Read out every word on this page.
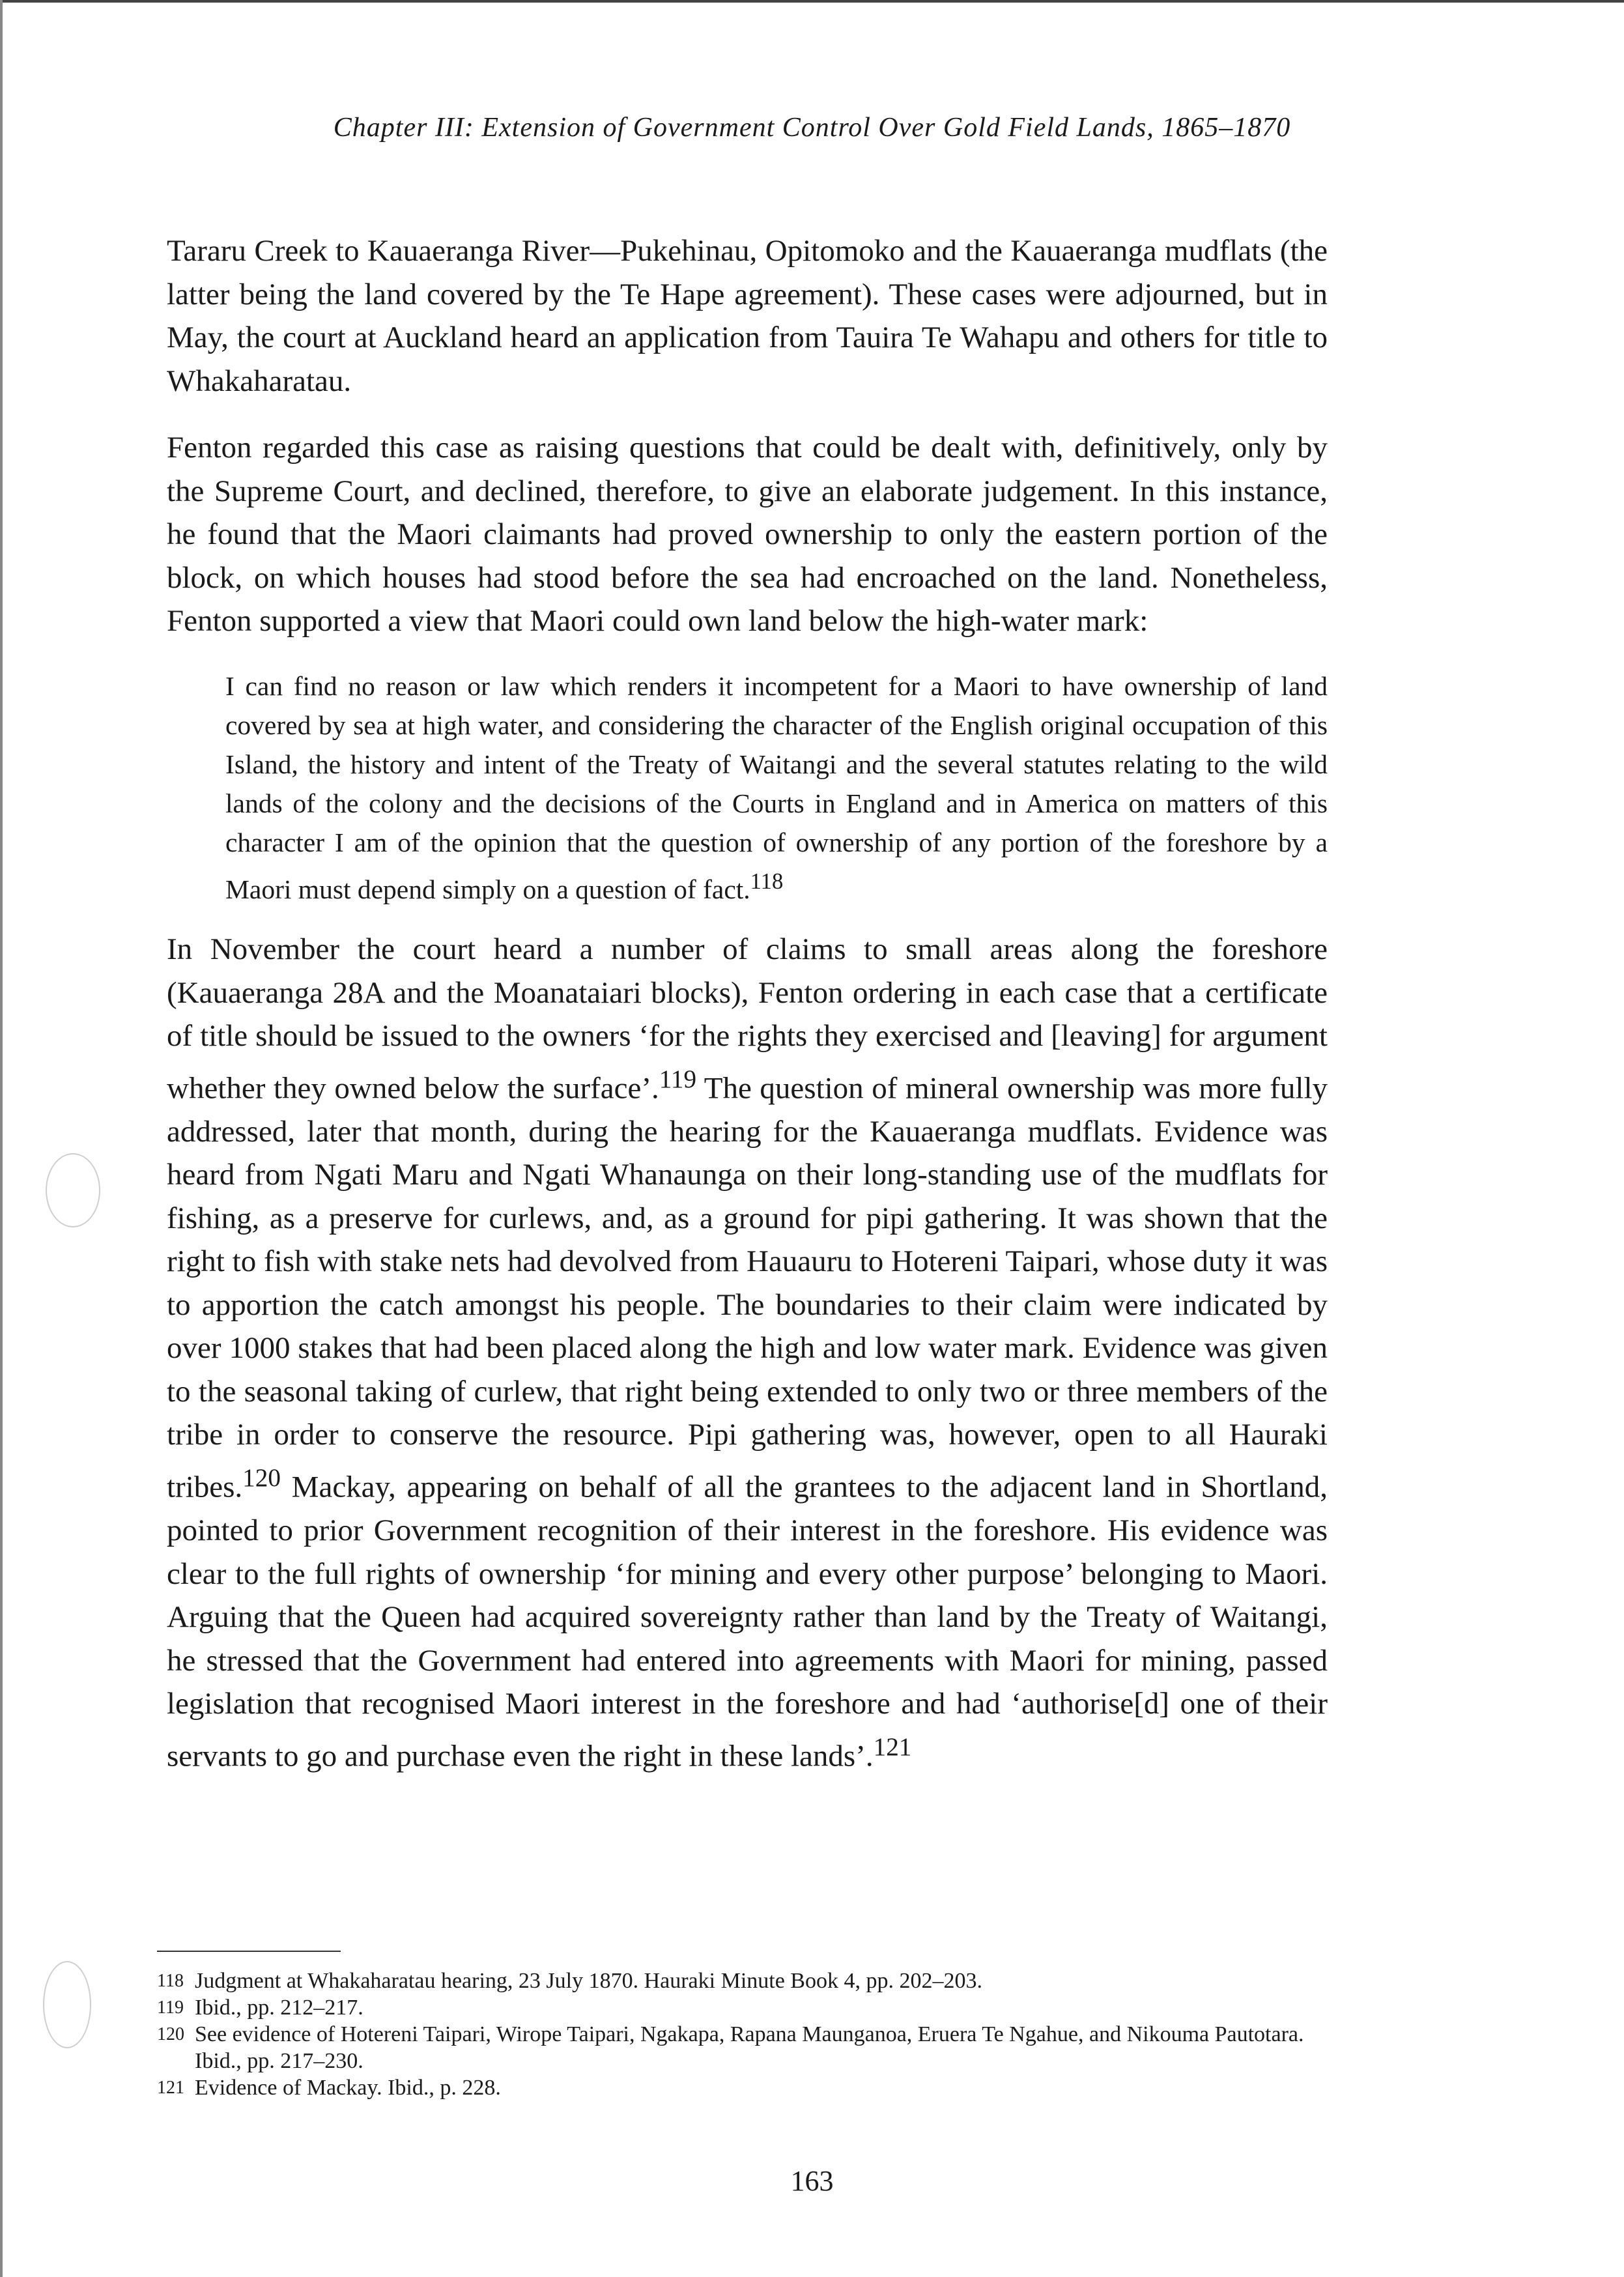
Chapter III: Extension of Government Control Over Gold Field Lands, 1865–1870

Tararu Creek to Kauaeranga River—Pukehinau, Opitomoko and the Kauaeranga mudflats (the latter being the land covered by the Te Hape agreement). These cases were adjourned, but in May, the court at Auckland heard an application from Tauira Te Wahapu and others for title to Whakaharatau.

Fenton regarded this case as raising questions that could be dealt with, definitively, only by the Supreme Court, and declined, therefore, to give an elaborate judgement. In this instance, he found that the Maori claimants had proved ownership to only the eastern portion of the block, on which houses had stood before the sea had encroached on the land. Nonetheless, Fenton supported a view that Maori could own land below the high-water mark:

I can find no reason or law which renders it incompetent for a Maori to have ownership of land covered by sea at high water, and considering the character of the English original occupation of this Island, the history and intent of the Treaty of Waitangi and the several statutes relating to the wild lands of the colony and the decisions of the Courts in England and in America on matters of this character I am of the opinion that the question of ownership of any portion of the foreshore by a Maori must depend simply on a question of fact.$^{118}$

In November the court heard a number of claims to small areas along the foreshore (Kauaeranga 28A and the Moanataiari blocks), Fenton ordering in each case that a certificate of title should be issued to the owners ‘for the rights they exercised and [leaving] for argument whether they owned below the surface’.$^{119}$ The question of mineral ownership was more fully addressed, later that month, during the hearing for the Kauaeranga mudflats. Evidence was heard from Ngati Maru and Ngati Whanaunga on their long-standing use of the mudflats for fishing, as a preserve for curlews, and, as a ground for pipi gathering. It was shown that the right to fish with stake nets had devolved from Hauauru to Hotereni Taipari, whose duty it was to apportion the catch amongst his people. The boundaries to their claim were indicated by over 1000 stakes that had been placed along the high and low water mark. Evidence was given to the seasonal taking of curlew, that right being extended to only two or three members of the tribe in order to conserve the resource. Pipi gathering was, however, open to all Hauraki tribes.$^{120}$ Mackay, appearing on behalf of all the grantees to the adjacent land in Shortland, pointed to prior Government recognition of their interest in the foreshore. His evidence was clear to the full rights of ownership ‘for mining and every other purpose’ belonging to Maori. Arguing that the Queen had acquired sovereignty rather than land by the Treaty of Waitangi, he stressed that the Government had entered into agreements with Maori for mining, passed legislation that recognised Maori interest in the foreshore and had ‘authorise[d] one of their servants to go and purchase even the right in these lands’.$^{121}$

118 Judgment at Whakaharatau hearing, 23 July 1870. Hauraki Minute Book 4, pp. 202–203.
119 Ibid., pp. 212–217.
120 See evidence of Hotereni Taipari, Wirope Taipari, Ngakapa, Rapana Maunganoa, Eruera Te Ngahue, and Nikouma Pautotara. Ibid., pp. 217–230.
121 Evidence of Mackay. Ibid., p. 228.
163
